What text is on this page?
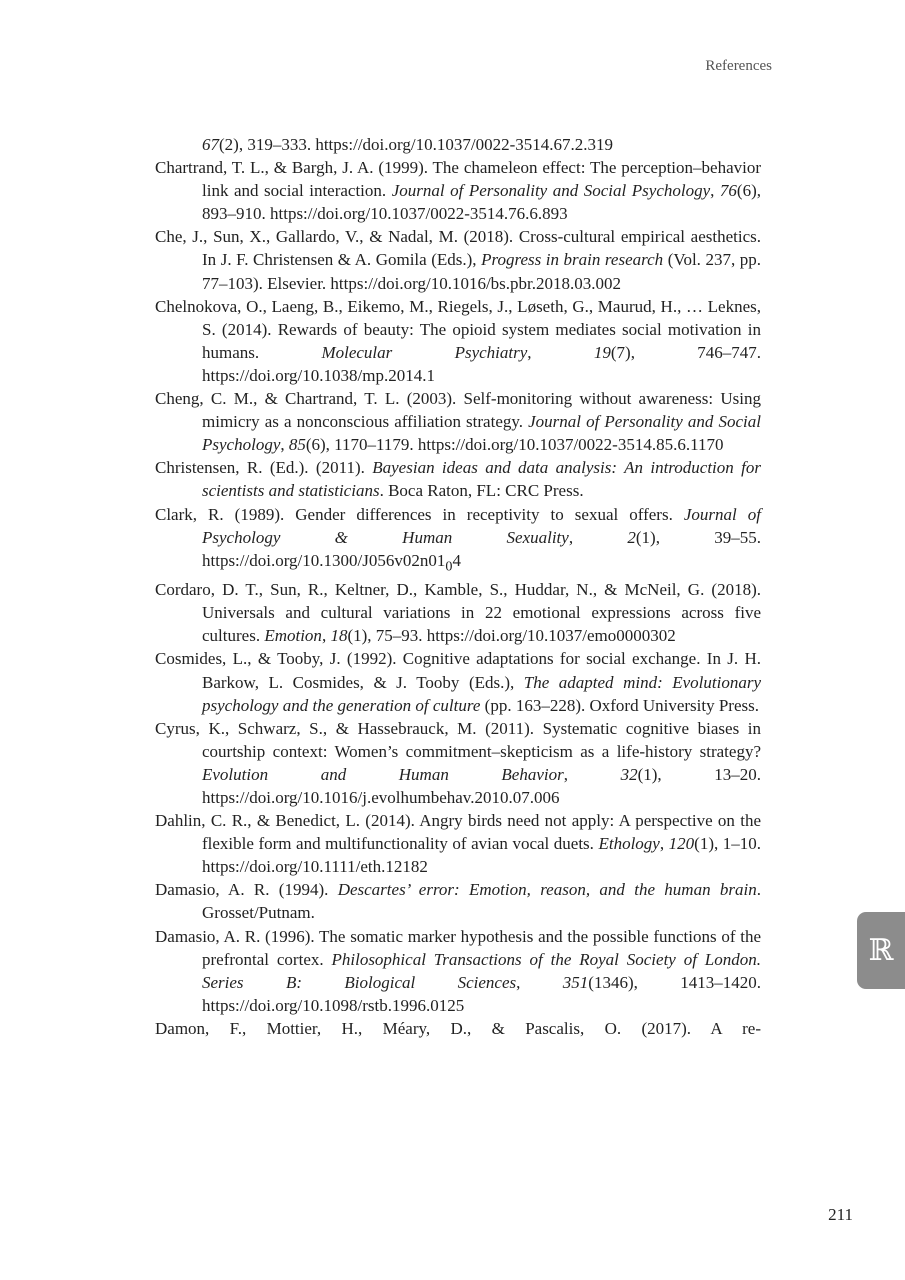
References
67(2), 319–333. https://doi.org/10.1037/0022-3514.67.2.319
Chartrand, T. L., & Bargh, J. A. (1999). The chameleon effect: The perception–behavior link and social interaction. Journal of Personality and Social Psychology, 76(6), 893–910. https://doi.org/10.1037/0022-3514.76.6.893
Che, J., Sun, X., Gallardo, V., & Nadal, M. (2018). Cross-cultural empirical aesthetics. In J. F. Christensen & A. Gomila (Eds.), Progress in brain research (Vol. 237, pp. 77–103). Elsevier. https://doi.org/10.1016/bs.pbr.2018.03.002
Chelnokova, O., Laeng, B., Eikemo, M., Riegels, J., Løseth, G., Maurud, H., … Leknes, S. (2014). Rewards of beauty: The opioid system mediates social motivation in humans. Molecular Psychiatry, 19(7), 746–747. https://doi.org/10.1038/mp.2014.1
Cheng, C. M., & Chartrand, T. L. (2003). Self-monitoring without awareness: Using mimicry as a nonconscious affiliation strategy. Journal of Personality and Social Psychology, 85(6), 1170–1179. https://doi.org/10.1037/0022-3514.85.6.1170
Christensen, R. (Ed.). (2011). Bayesian ideas and data analysis: An introduction for scientists and statisticians. Boca Raton, FL: CRC Press.
Clark, R. (1989). Gender differences in receptivity to sexual offers. Journal of Psychology & Human Sexuality, 2(1), 39–55. $https://doi.org/10.1300/J056v02n01_04$
Cordaro, D. T., Sun, R., Keltner, D., Kamble, S., Huddar, N., & McNeil, G. (2018). Universals and cultural variations in 22 emotional expressions across five cultures. Emotion, 18(1), 75–93. https://doi.org/10.1037/emo0000302
Cosmides, L., & Tooby, J. (1992). Cognitive adaptations for social exchange. In J. H. Barkow, L. Cosmides, & J. Tooby (Eds.), The adapted mind: Evolutionary psychology and the generation of culture (pp. 163–228). Oxford University Press.
Cyrus, K., Schwarz, S., & Hassebrauck, M. (2011). Systematic cognitive biases in courtship context: Women’s commitment–skepticism as a life-history strategy? Evolution and Human Behavior, 32(1), 13–20. https://doi.org/10.1016/j.evolhumbehav.2010.07.006
Dahlin, C. R., & Benedict, L. (2014). Angry birds need not apply: A perspective on the flexible form and multifunctionality of avian vocal duets. Ethology, 120(1), 1–10. https://doi.org/10.1111/eth.12182
Damasio, A. R. (1994). Descartes’ error: Emotion, reason, and the human brain. Grosset/Putnam.
Damasio, A. R. (1996). The somatic marker hypothesis and the possible functions of the prefrontal cortex. Philosophical Transactions of the Royal Society of London. Series B: Biological Sciences, 351(1346), 1413–1420. https://doi.org/10.1098/rstb.1996.0125
Damon, F., Mottier, H., Méary, D., & Pascalis, O. (2017). A re-
ℝ
211
